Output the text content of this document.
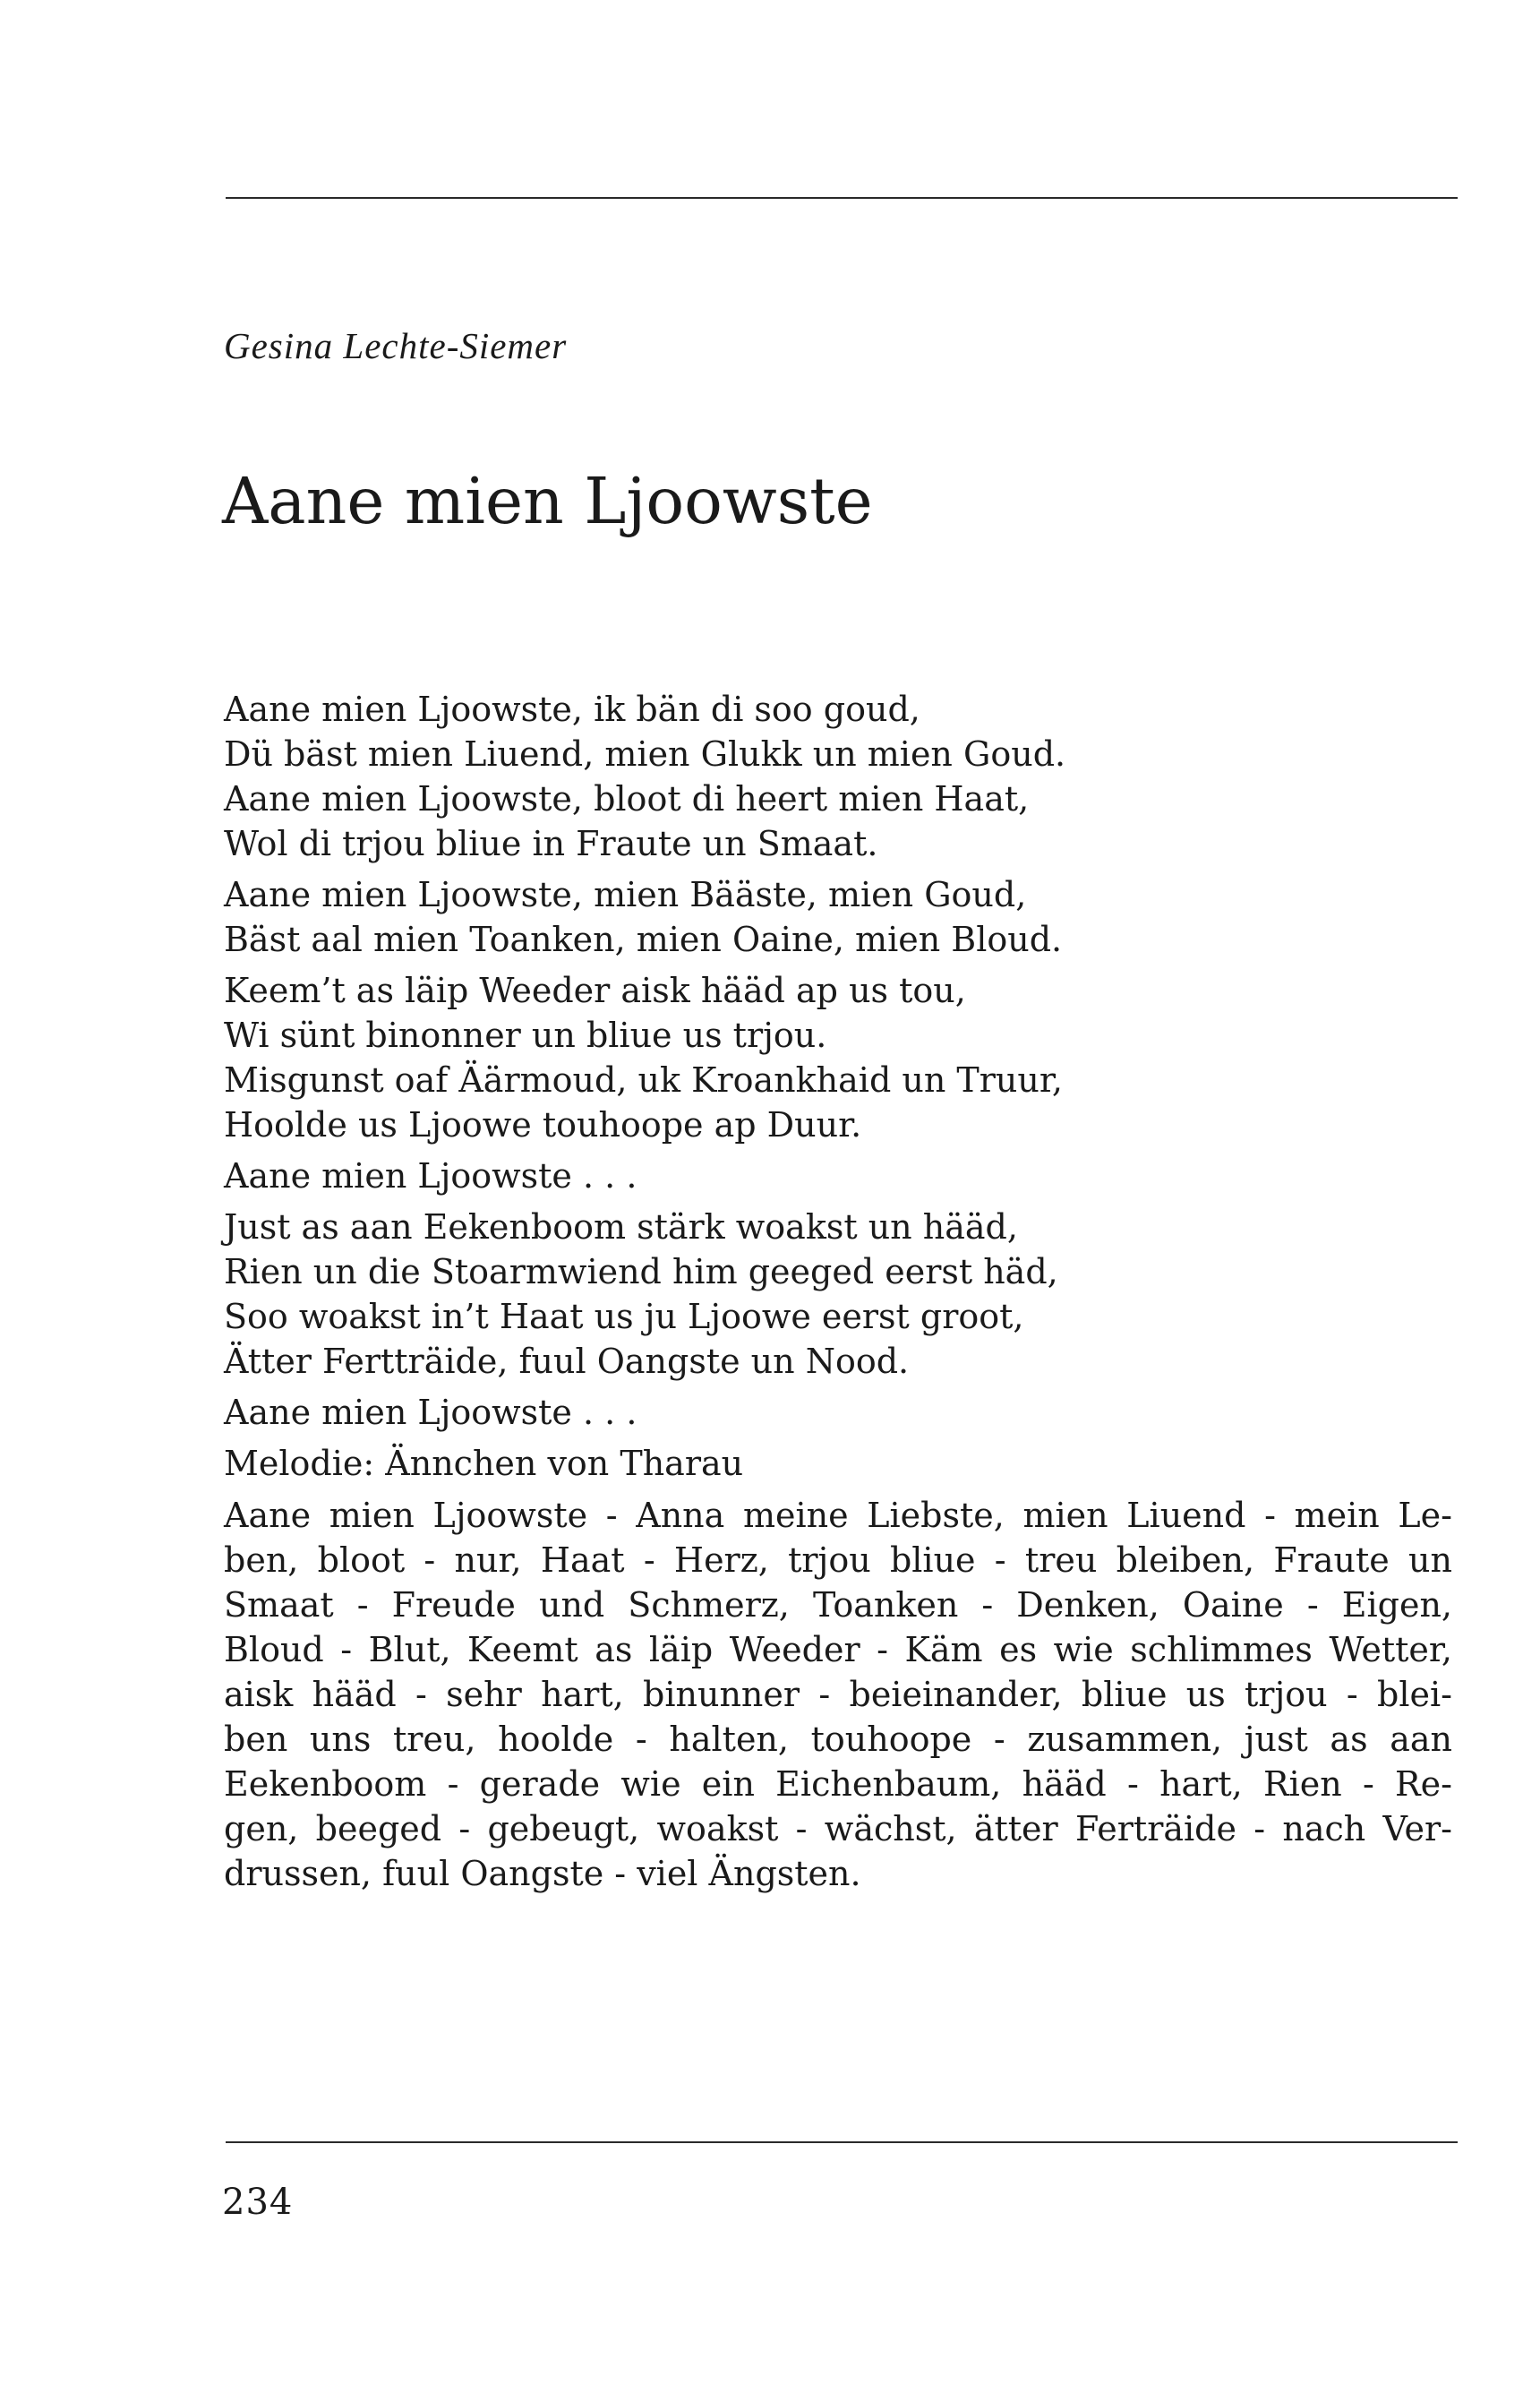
Gesina Lechte-Siemer
Aane mien Ljoowste
Aane mien Ljoowste, ik bän di soo goud,
Dü bäst mien Liuend, mien Glukk un mien Goud.
Aane mien Ljoowste, bloot di heert mien Haat,
Wol di trjou bliue in Fraute un Smaat.
Aane mien Ljoowste, mien Bääste, mien Goud,
Bäst aal mien Toanken, mien Oaine, mien Bloud.
Keem’t as läip Weeder aisk hääd ap us tou,
Wi sünt binonner un bliue us trjou.
Misgunst oaf Äärmoud, uk Kroankhaid un Truur,
Hoolde us Ljoowe touhoope ap Duur.
Aane mien Ljoowste . . .
Just as aan Eekenboom stärk woakst un hääd,
Rien un die Stoarmwiend him geeged eerst häd,
Soo woakst in’t Haat us ju Ljoowe eerst groot,
Ätter Fertträide, fuul Oangste un Nood.
Aane mien Ljoowste . . .
Melodie: Ännchen von Tharau
Aane mien Ljoowste - Anna meine Liebste, mien Liuend - mein Le-
ben, bloot - nur, Haat - Herz, trjou bliue - treu bleiben, Fraute un
Smaat - Freude und Schmerz, Toanken - Denken, Oaine - Eigen,
Bloud - Blut, Keemt as läip Weeder - Käm es wie schlimmes Wetter,
aisk hääd - sehr hart, binunner - beieinander, bliue us trjou - blei-
ben uns treu, hoolde - halten, touhoope - zusammen, just as aan
Eekenboom - gerade wie ein Eichenbaum, hääd - hart, Rien - Re-
gen, beeged - gebeugt, woakst - wächst, ätter Ferträide - nach Ver-
drussen, fuul Oangste - viel Ängsten.
234
